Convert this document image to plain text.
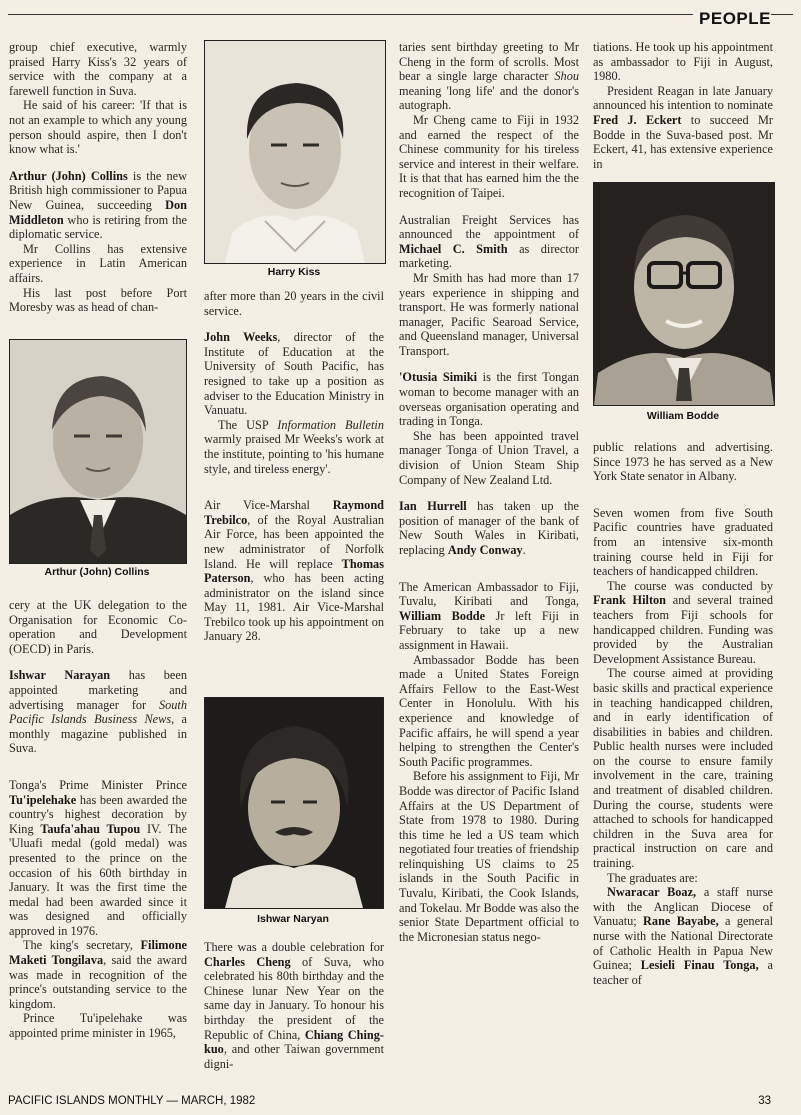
PEOPLE

group chief executive, warmly praised Harry Kiss's 32 years of service with the company at a farewell function in Suva.

He said of his career: 'If that is not an example to which any young person should aspire, then I don't know what is.'

Arthur (John) Collins is the new British high commissioner to Papua New Guinea, succeeding Don Middleton who is retiring from the diplomatic service.

Mr Collins has extensive experience in Latin American affairs.

His last post before Port Moresby was as head of chan-

Arthur (John) Collins

cery at the UK delegation to the Organisation for Economic Co-operation and Development (OECD) in Paris.

Ishwar Narayan has been appointed marketing and advertising manager for South Pacific Islands Business News, a monthly magazine published in Suva.

Tonga's Prime Minister Prince Tu'ipelehake has been awarded the country's highest decoration by King Taufa'ahau Tupou IV. The 'Uluafi medal (gold medal) was presented to the prince on the occasion of his 60th birthday in January. It was the first time the medal had been awarded since it was designed and officially approved in 1976.

The king's secretary, Filimone Maketi Tongilava, said the award was made in recognition of the prince's outstanding service to the kingdom.

Prince Tu'ipelehake was appointed prime minister in 1965,

Harry Kiss

after more than 20 years in the civil service.

John Weeks, director of the Institute of Education at the University of South Pacific, has resigned to take up a position as adviser to the Education Ministry in Vanuatu.

The USP Information Bulletin warmly praised Mr Weeks's work at the institute, pointing to 'his humane style, and tireless energy'.

Air Vice-Marshal Raymond Trebilco, of the Royal Australian Air Force, has been appointed the new administrator of Norfolk Island. He will replace Thomas Paterson, who has been acting administrator on the island since May 11, 1981. Air Vice-Marshal Trebilco took up his appointment on January 28.

Ishwar Naryan

There was a double celebration for Charles Cheng of Suva, who celebrated his 80th birthday and the Chinese lunar New Year on the same day in January. To honour his birthday the president of the Republic of China, Chiang Ching-kuo, and other Taiwan government digni-

taries sent birthday greeting to Mr Cheng in the form of scrolls. Most bear a single large character Shou meaning 'long life' and the donor's autograph.

Mr Cheng came to Fiji in 1932 and earned the respect of the Chinese community for his tireless service and interest in their welfare. It is that that has earned him the the recognition of Taipei.

Australian Freight Services has announced the appointment of Michael C. Smith as director marketing.

Mr Smith has had more than 17 years experience in shipping and transport. He was formerly national manager, Pacific Searoad Service, and Queensland manager, Universal Transport.

'Otusia Simiki is the first Tongan woman to become manager with an overseas organisation operating and trading in Tonga.

She has been appointed travel manager Tonga of Union Travel, a division of Union Steam Ship Company of New Zealand Ltd.

Ian Hurrell has taken up the position of manager of the bank of New South Wales in Kiribati, replacing Andy Conway.

The American Ambassador to Fiji, Tuvalu, Kiribati and Tonga, William Bodde Jr left Fiji in February to take up a new assignment in Hawaii.

Ambassador Bodde has been made a United States Foreign Affairs Fellow to the East-West Center in Honolulu. With his experience and knowledge of Pacific affairs, he will spend a year helping to strengthen the Center's South Pacific programmes.

Before his assignment to Fiji, Mr Bodde was director of Pacific Island Affairs at the US Department of State from 1978 to 1980. During this time he led a US team which negotiated four treaties of friendship relinquishing US claims to 25 islands in the South Pacific in Tuvalu, Kiribati, the Cook Islands, and Tokelau. Mr Bodde was also the senior State Department official to the Micronesian status nego-

tiations. He took up his appointment as ambassador to Fiji in August, 1980.

President Reagan in late January announced his intention to nominate Fred J. Eckert to succeed Mr Bodde in the Suva-based post. Mr Eckert, 41, has extensive experience in

William Bodde

public relations and advertising. Since 1973 he has served as a New York State senator in Albany.

Seven women from five South Pacific countries have graduated from an intensive six-month training course held in Fiji for teachers of handicapped children.

The course was conducted by Frank Hilton and several trained teachers from Fiji schools for handicapped children. Funding was provided by the Australian Development Assistance Bureau.

The course aimed at providing basic skills and practical experience in teaching handicapped children, and in early identification of disabilities in babies and children. Public health nurses were included on the course to ensure family involvement in the care, training and treatment of disabled children. During the course, students were attached to schools for handicapped children in the Suva area for practical instruction on care and training.

The graduates are:

Nwaracar Boaz, a staff nurse with the Anglican Diocese of Vanuatu; Rane Bayabe, a general nurse with the National Directorate of Catholic Health in Papua New Guinea; Lesieli Finau Tonga, a teacher of

PACIFIC ISLANDS MONTHLY — MARCH, 1982	33
